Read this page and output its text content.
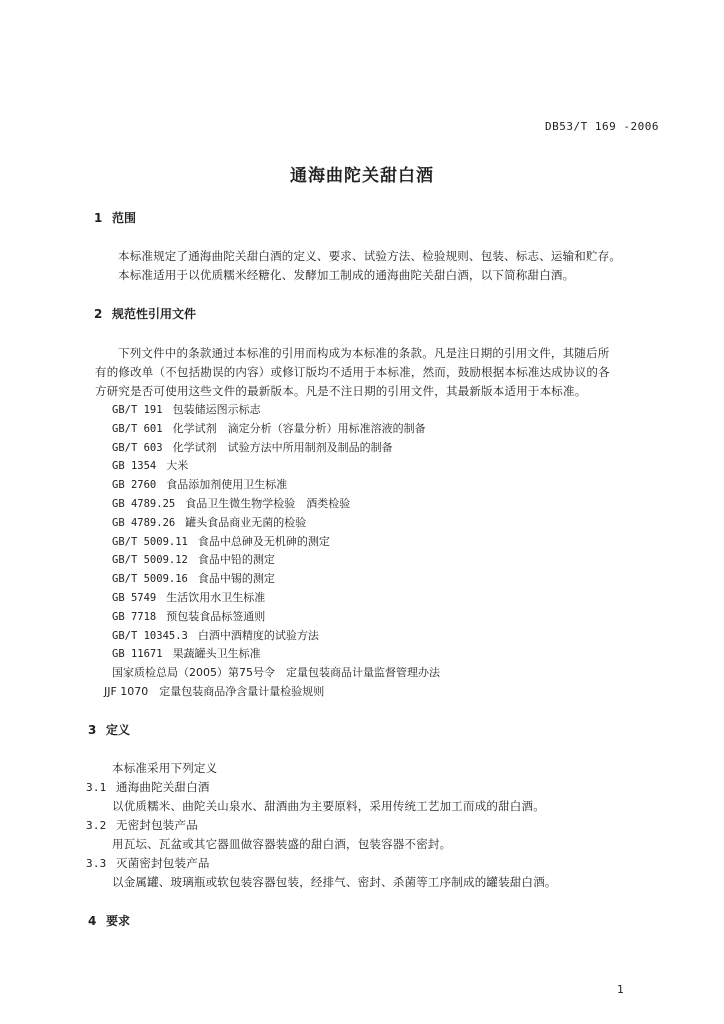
DB53/T 169 -2006
通海曲陀关甜白酒
1 范围
本标准规定了通海曲陀关甜白酒的定义、要求、试验方法、检验规则、包装、标志、运输和贮存。
本标准适用于以优质糯米经糖化、发酵加工制成的通海曲陀关甜白酒，以下简称甜白酒。
2 规范性引用文件
下列文件中的条款通过本标准的引用而构成为本标准的条款。凡是注日期的引用文件，其随后所
有的修改单（不包括勘误的内容）或修订版均不适用于本标准，然而，鼓励根据本标准达成协议的各
方研究是否可使用这些文件的最新版本。凡是不注日期的引用文件，其最新版本适用于本标准。
GB/T 191 包装储运图示标志
GB/T 601 化学试剂　滴定分析（容量分析）用标准溶液的制备
GB/T 603 化学试剂　试验方法中所用制剂及制品的制备
GB 1354 大米
GB 2760 食品添加剂使用卫生标准
GB 4789.25 食品卫生微生物学检验　酒类检验
GB 4789.26 罐头食品商业无菌的检验
GB/T 5009.11 食品中总砷及无机砷的测定
GB/T 5009.12 食品中铅的测定
GB/T 5009.16 食品中锡的测定
GB 5749 生活饮用水卫生标准
GB 7718 预包装食品标签通则
GB/T 10345.3 白酒中酒精度的试验方法
GB 11671 果蔬罐头卫生标准
国家质检总局（2005）第75号令　定量包装商品计量监督管理办法
JJF 1070　定量包装商品净含量计量检验规则
3 定义
本标准采用下列定义
3.1 通海曲陀关甜白酒
以优质糯米、曲陀关山泉水、甜酒曲为主要原料，采用传统工艺加工而成的甜白酒。
3.2 无密封包装产品
用瓦坛、瓦盆或其它器皿做容器装盛的甜白酒，包装容器不密封。
3.3 灭菌密封包装产品
以金属罐、玻璃瓶或软包装容器包装，经排气、密封、杀菌等工序制成的罐装甜白酒。
4 要求
1
